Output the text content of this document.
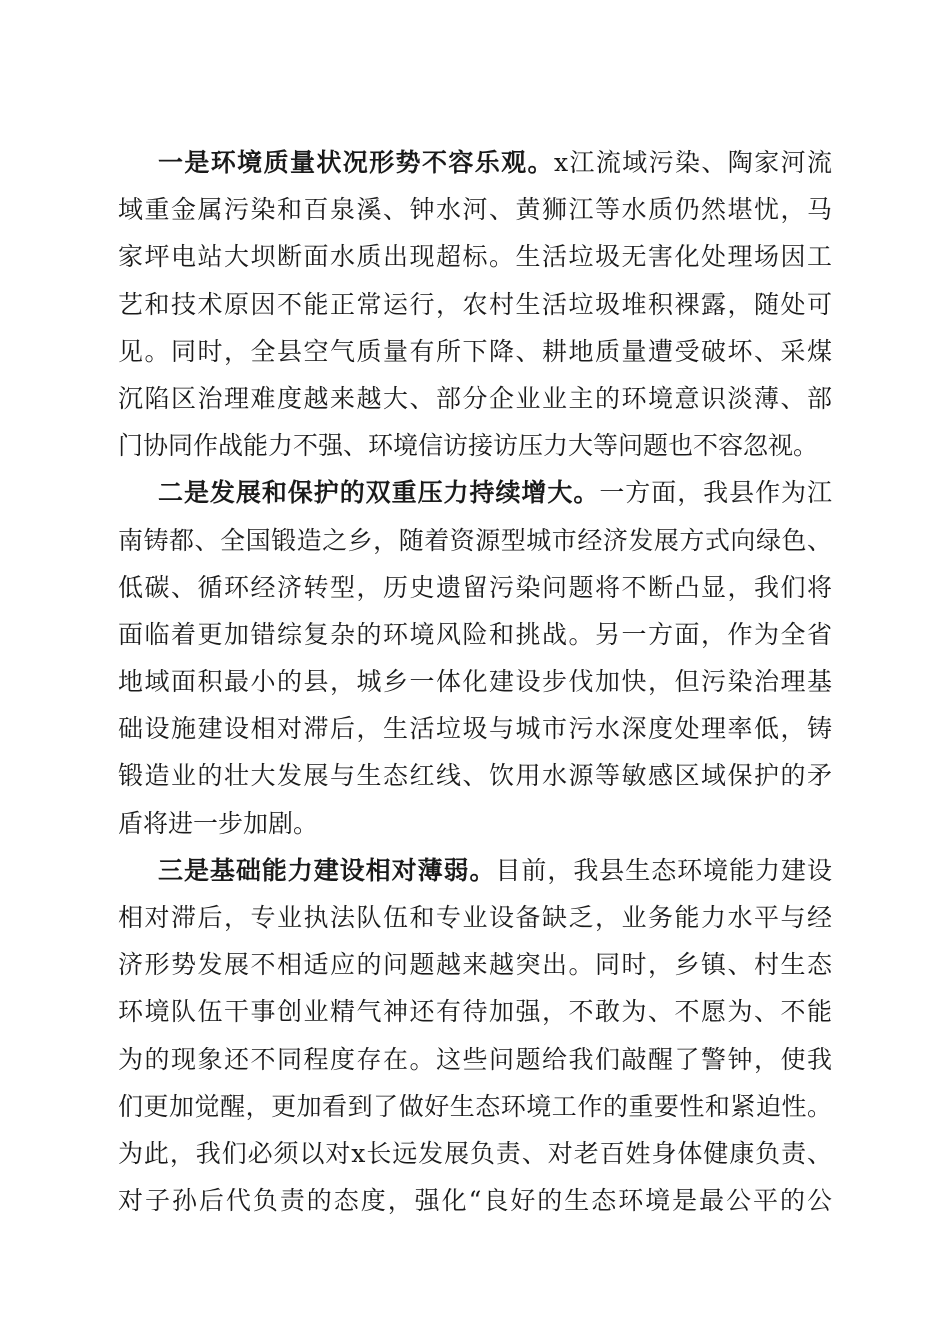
一是环境质量状况形势不容乐观。x江流域污染、陶家河流
域重金属污染和百泉溪、钟水河、黄狮江等水质仍然堪忧，马
家坪电站大坝断面水质出现超标。生活垃圾无害化处理场因工
艺和技术原因不能正常运行，农村生活垃圾堆积裸露，随处可
见。同时，全县空气质量有所下降、耕地质量遭受破坏、采煤
沉陷区治理难度越来越大、部分企业业主的环境意识淡薄、部
门协同作战能力不强、环境信访接访压力大等问题也不容忽视。
二是发展和保护的双重压力持续增大。一方面，我县作为江
南铸都、全国锻造之乡，随着资源型城市经济发展方式向绿色、
低碳、循环经济转型，历史遗留污染问题将不断凸显，我们将
面临着更加错综复杂的环境风险和挑战。另一方面，作为全省
地域面积最小的县，城乡一体化建设步伐加快，但污染治理基
础设施建设相对滞后，生活垃圾与城市污水深度处理率低，铸
锻造业的壮大发展与生态红线、饮用水源等敏感区域保护的矛
盾将进一步加剧。
三是基础能力建设相对薄弱。目前，我县生态环境能力建设
相对滞后，专业执法队伍和专业设备缺乏，业务能力水平与经
济形势发展不相适应的问题越来越突出。同时，乡镇、村生态
环境队伍干事创业精气神还有待加强，不敢为、不愿为、不能
为的现象还不同程度存在。这些问题给我们敲醒了警钟，使我
们更加觉醒，更加看到了做好生态环境工作的重要性和紧迫性。
为此，我们必须以对x长远发展负责、对老百姓身体健康负责、
对子孙后代负责的态度，强化“良好的生态环境是最公平的公
